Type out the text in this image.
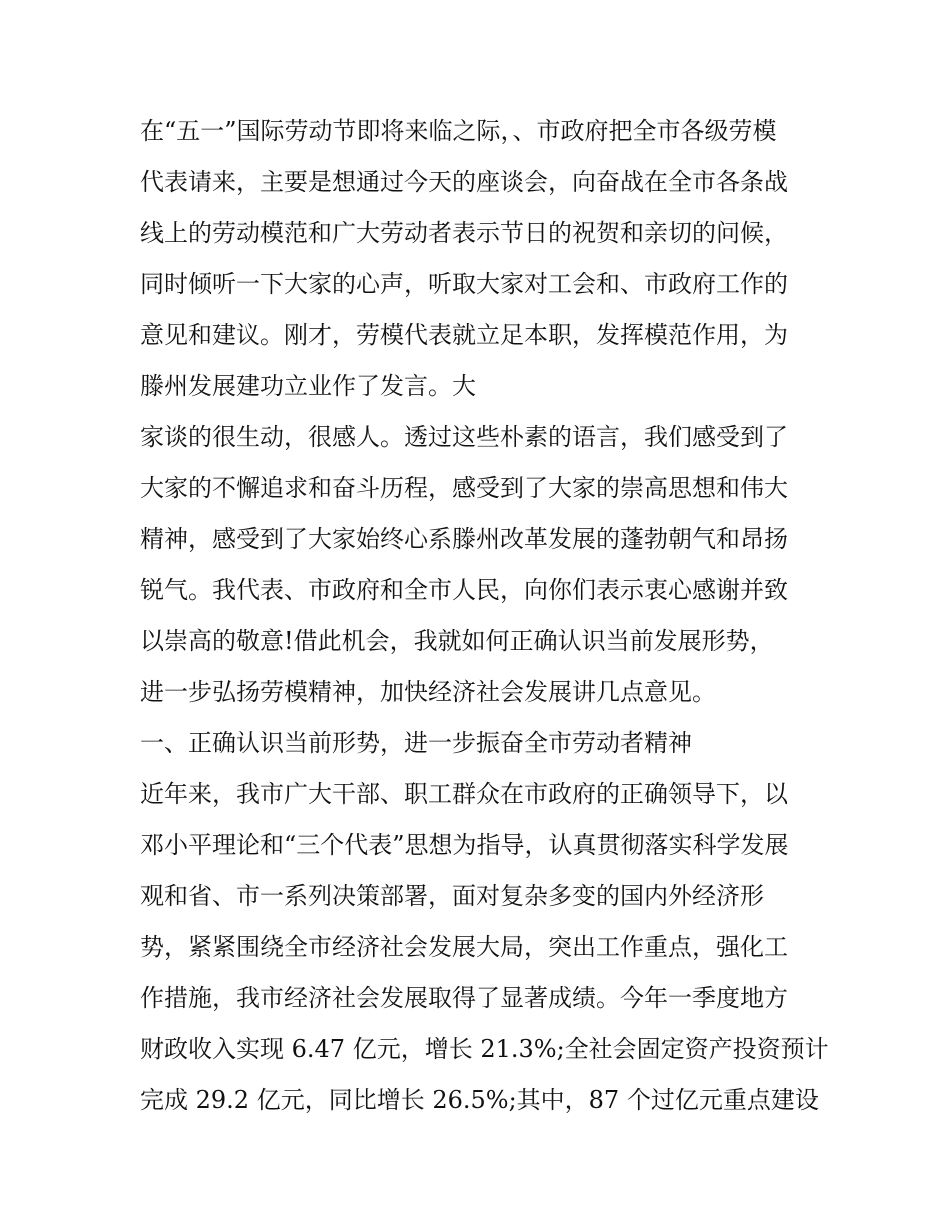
在“五一”国际劳动节即将来临之际，、市政府把全市各级劳模
代表请来，主要是想通过今天的座谈会，向奋战在全市各条战
线上的劳动模范和广大劳动者表示节日的祝贺和亲切的问候，
同时倾听一下大家的心声，听取大家对工会和、市政府工作的
意见和建议。刚才，劳模代表就立足本职，发挥模范作用，为
滕州发展建功立业作了发言。大
家谈的很生动，很感人。透过这些朴素的语言，我们感受到了
大家的不懈追求和奋斗历程，感受到了大家的崇高思想和伟大
精神，感受到了大家始终心系滕州改革发展的蓬勃朝气和昂扬
锐气。我代表、市政府和全市人民，向你们表示衷心感谢并致
以崇高的敬意!借此机会，我就如何正确认识当前发展形势，
进一步弘扬劳模精神，加快经济社会发展讲几点意见。
一、正确认识当前形势，进一步振奋全市劳动者精神
近年来，我市广大干部、职工群众在市政府的正确领导下，以
邓小平理论和“三个代表”思想为指导，认真贯彻落实科学发展
观和省、市一系列决策部署，面对复杂多变的国内外经济形
势，紧紧围绕全市经济社会发展大局，突出工作重点，强化工
作措施，我市经济社会发展取得了显著成绩。今年一季度地方
财政收入实现 6.47 亿元，增长 21.3%;全社会固定资产投资预计
完成 29.2 亿元，同比增长 26.5%;其中，87 个过亿元重点建设
